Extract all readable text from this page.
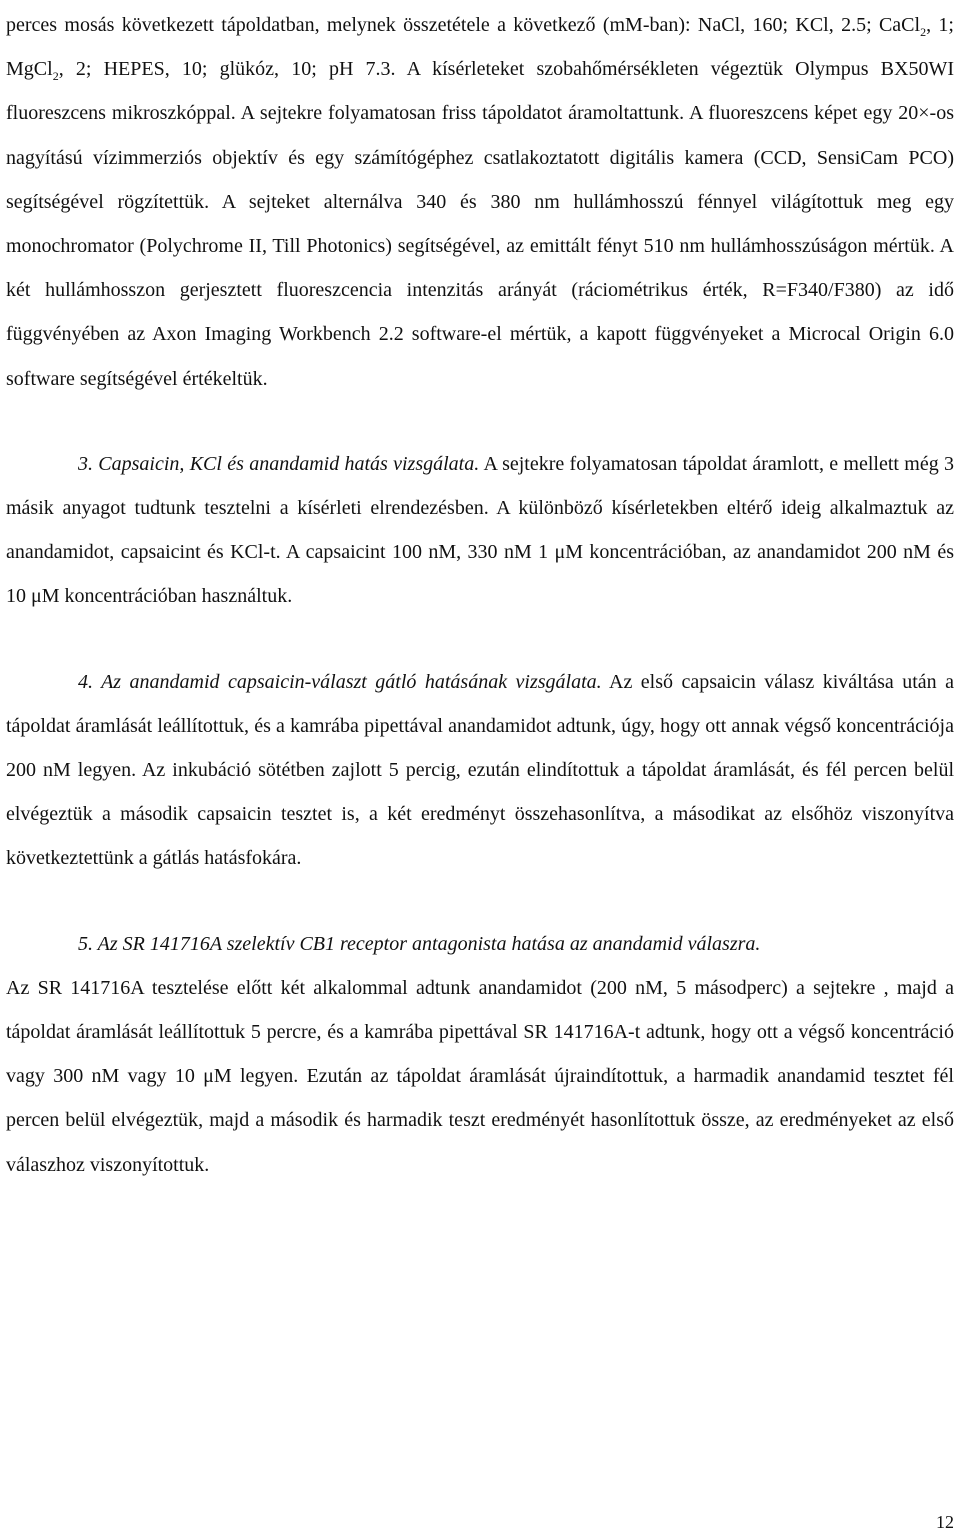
perces mosás következett tápoldatban, melynek összetétele a következő (mM-ban): NaCl, 160; KCl, 2.5; CaCl$_2$, 1; MgCl$_2$, 2; HEPES, 10; glükóz, 10; pH 7.3. A kísérleteket szobahőmérsékleten végeztük Olympus BX50WI fluoreszcens mikroszkóppal. A sejtekre folyamatosan friss tápoldatot áramoltattunk. A fluoreszcens képet egy 20×-os nagyítású vízimmerziós objektív és egy számítógéphez csatlakoztatott digitális kamera (CCD, SensiCam PCO) segítségével rögzítettük. A sejteket alternálva 340 és 380 nm hullámhosszú fénnyel világítottuk meg egy monochromator (Polychrome II, Till Photonics) segítségével, az emittált fényt 510 nm hullámhosszúságon mértük. A két hullámhosszon gerjesztett fluoreszcencia intenzitás arányát (ráciométrikus érték, R=F340/F380) az idő függvényében az Axon Imaging Workbench 2.2 software-el mértük, a kapott függvényeket a Microcal Origin 6.0 software segítségével értékeltük.

3. Capsaicin, KCl és anandamid hatás vizsgálata. A sejtekre folyamatosan tápoldat áramlott, e mellett még 3 másik anyagot tudtunk tesztelni a kísérleti elrendezésben. A különböző kísérletekben eltérő ideig alkalmaztuk az anandamidot, capsaicint és KCl-t. A capsaicint 100 nM, 330 nM 1 μM koncentrációban, az anandamidot 200 nM és 10 μM koncentrációban használtuk.

4. Az anandamid capsaicin-választ gátló hatásának vizsgálata. Az első capsaicin válasz kiváltása után a tápoldat áramlását leállítottuk, és a kamrába pipettával anandamidot adtunk, úgy, hogy ott annak végső koncentrációja 200 nM legyen. Az inkubáció sötétben zajlott 5 percig, ezután elindítottuk a tápoldat áramlását, és fél percen belül elvégeztük a második capsaicin tesztet is, a két eredményt összehasonlítva, a másodikat az elsőhöz viszonyítva következtettünk a gátlás hatásfokára.

5. Az SR 141716A szelektív CB1 receptor antagonista hatása az anandamid válaszra.

Az SR 141716A tesztelése előtt két alkalommal adtunk anandamidot (200 nM, 5 másodperc) a sejtekre , majd a tápoldat áramlását leállítottuk 5 percre, és a kamrába pipettával SR 141716A-t adtunk, hogy ott a végső koncentráció vagy 300 nM vagy 10 μM legyen. Ezután az tápoldat áramlását újraindítottuk, a harmadik anandamid tesztet fél percen belül elvégeztük, majd a második és harmadik teszt eredményét hasonlítottuk össze, az eredményeket az első válaszhoz viszonyítottuk.

12
